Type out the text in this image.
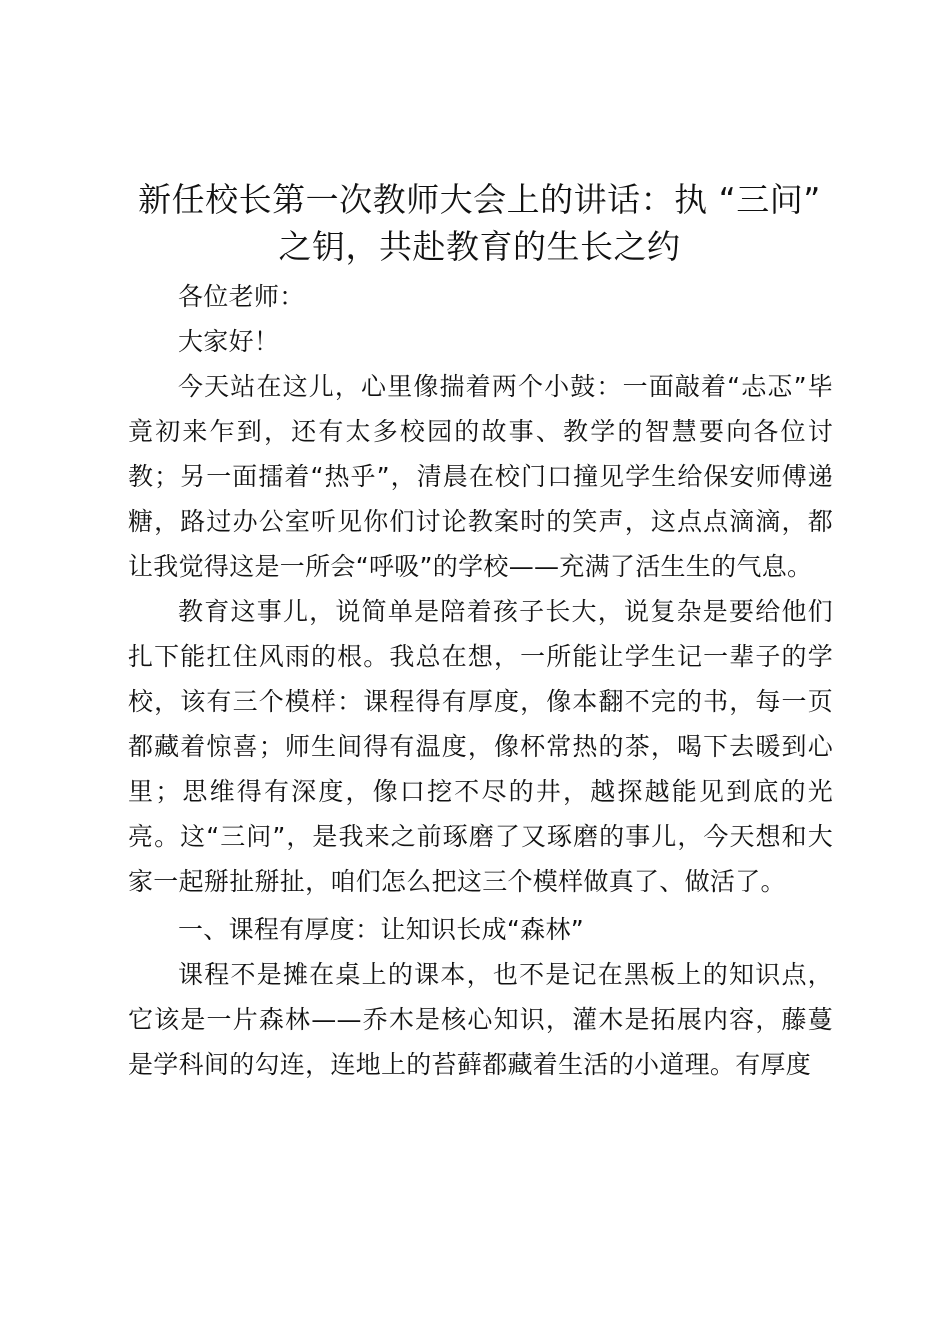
新任校长第一次教师大会上的讲话：执 “三问” 之钥，共赴教育的生长之约

各位老师：

大家好！

今天站在这儿，心里像揣着两个小鼓：一面敲着“忐忑”毕竟初来乍到，还有太多校园的故事、教学的智慧要向各位讨教；另一面擂着“热乎”，清晨在校门口撞见学生给保安师傅递糖，路过办公室听见你们讨论教案时的笑声，这点点滴滴，都让我觉得这是一所会“呼吸”的学校——充满了活生生的气息。

教育这事儿，说简单是陪着孩子长大，说复杂是要给他们扎下能扛住风雨的根。我总在想，一所能让学生记一辈子的学校，该有三个模样：课程得有厚度，像本翻不完的书，每一页都藏着惊喜；师生间得有温度，像杯常热的茶，喝下去暖到心里；思维得有深度，像口挖不尽的井，越探越能见到底的光亮。这“三问”，是我来之前琢磨了又琢磨的事儿，今天想和大家一起掰扯掰扯，咱们怎么把这三个模样做真了、做活了。

一、课程有厚度：让知识长成“森林”

课程不是摊在桌上的课本，也不是记在黑板上的知识点，它该是一片森林——乔木是核心知识，灌木是拓展内容，藤蔓是学科间的勾连，连地上的苔藓都藏着生活的小道理。有厚度
